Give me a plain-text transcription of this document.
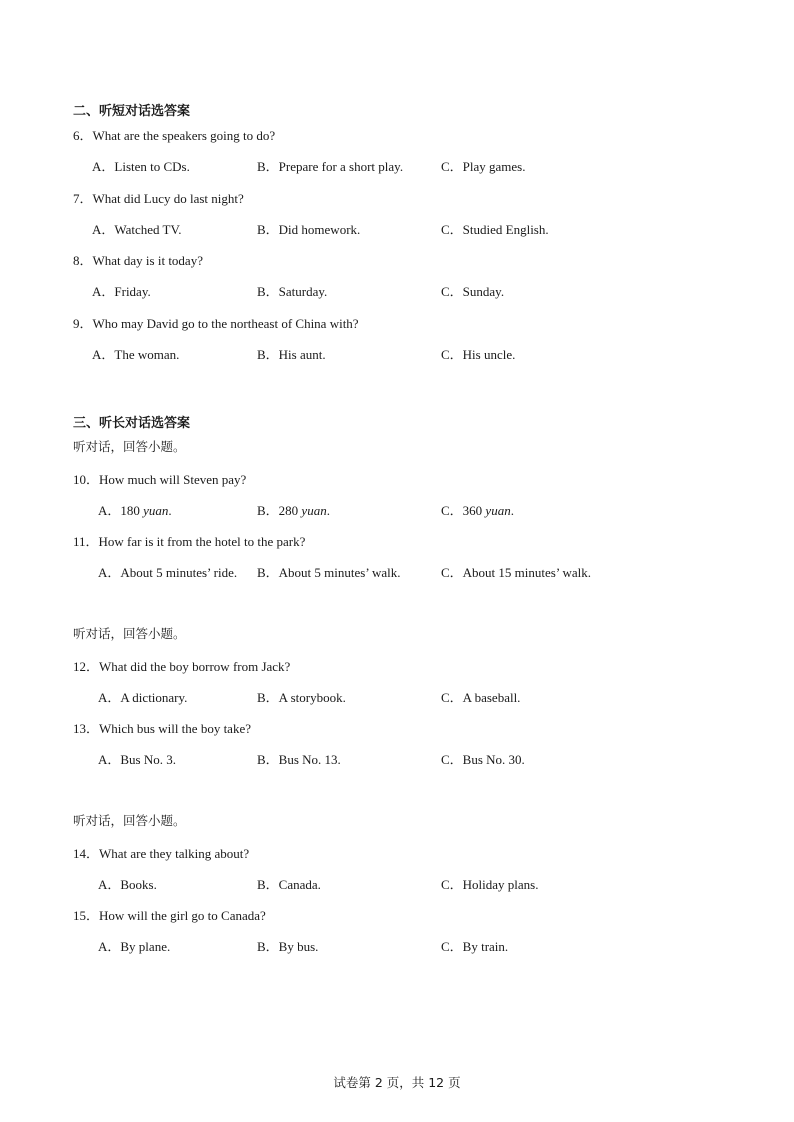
二、听短对话选答案
6．What are the speakers going to do?
A．Listen to CDs.	B．Prepare for a short play.	C．Play games.
7．What did Lucy do last night?
A．Watched TV.	B．Did homework.	C．Studied English.
8．What day is it today?
A．Friday.	B．Saturday.	C．Sunday.
9．Who may David go to the northeast of China with?
A．The woman.	B．His aunt.	C．His uncle.
三、听长对话选答案
听对话，回答小题。
10．How much will Steven pay?
A．180 yuan.	B．280 yuan.	C．360 yuan.
11．How far is it from the hotel to the park?
A．About 5 minutes’ ride. B．About 5 minutes’ walk.	C．About 15 minutes’ walk.
听对话，回答小题。
12．What did the boy borrow from Jack?
A．A dictionary.	B．A storybook.	C．A baseball.
13．Which bus will the boy take?
A．Bus No. 3.	B．Bus No. 13.	C．Bus No. 30.
听对话，回答小题。
14．What are they talking about?
A．Books.	B．Canada.	C．Holiday plans.
15．How will the girl go to Canada?
A．By plane.	B．By bus.	C．By train.
试卷第 2 页，共 12 页
